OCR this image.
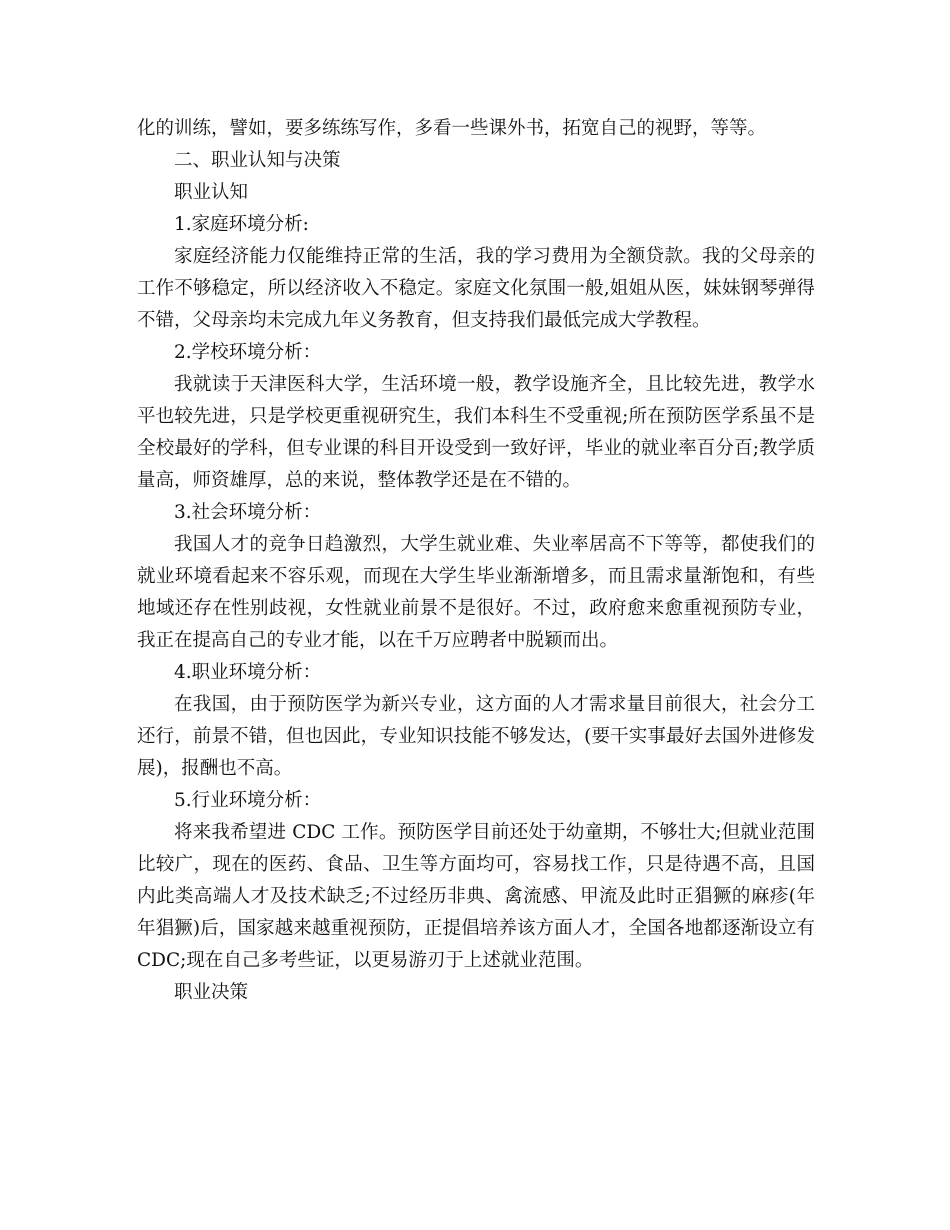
化的训练，譬如，要多练练写作，多看一些课外书，拓宽自己的视野，等等。

二、职业认知与决策

职业认知

1.家庭环境分析:

家庭经济能力仅能维持正常的生活，我的学习费用为全额贷款。我的父母亲的工作不够稳定，所以经济收入不稳定。家庭文化氛围一般,姐姐从医，妹妹钢琴弹得不错，父母亲均未完成九年义务教育，但支持我们最低完成大学教程。

2.学校环境分析：

我就读于天津医科大学，生活环境一般，教学设施齐全，且比较先进，教学水平也较先进，只是学校更重视研究生，我们本科生不受重视;所在预防医学系虽不是全校最好的学科，但专业课的科目开设受到一致好评，毕业的就业率百分百;教学质量高，师资雄厚，总的来说，整体教学还是在不错的。

3.社会环境分析：

我国人才的竞争日趋激烈，大学生就业难、失业率居高不下等等，都使我们的就业环境看起来不容乐观，而现在大学生毕业渐渐增多，而且需求量渐饱和，有些地域还存在性别歧视，女性就业前景不是很好。不过，政府愈来愈重视预防专业，我正在提高自己的专业才能，以在千万应聘者中脱颖而出。

4.职业环境分析：

在我国，由于预防医学为新兴专业，这方面的人才需求量目前很大，社会分工还行，前景不错，但也因此，专业知识技能不够发达，(要干实事最好去国外进修发展)，报酬也不高。

5.行业环境分析：

将来我希望进 CDC 工作。预防医学目前还处于幼童期，不够壮大;但就业范围比较广，现在的医药、食品、卫生等方面均可，容易找工作，只是待遇不高，且国内此类高端人才及技术缺乏;不过经历非典、禽流感、甲流及此时正猖獗的麻疹(年年猖獗)后，国家越来越重视预防，正提倡培养该方面人才，全国各地都逐渐设立有 CDC;现在自己多考些证，以更易游刃于上述就业范围。

职业决策
